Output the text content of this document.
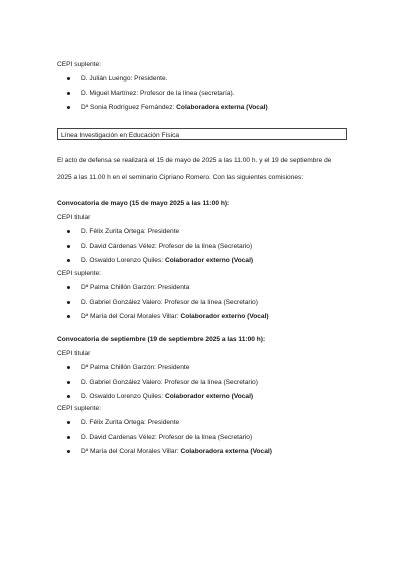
CEPI suplente:
D. Julián Luengo: Presidente.
D. Miguel Martínez: Profesor de la línea (secretaría).
Dª Sonia Rodríguez Fernández: Colaboradora externa (Vocal)
Línea Investigación en Educación Física
El acto de defensa se realizará el 15 de mayo de 2025 a las 11.00 h. y el 19 de septiembre de
2025 a las 11.00 h en el seminario Cipriano Romero. Con las siguientes comisiones:
Convocatoria de mayo (15 de mayo 2025 a las 11:00 h):
CEPI titular
D. Félix Zurita Ortega: Presidente
D. David Cárdenas Vélez: Profesor de la línea (Secretario)
D. Oswaldo Lorenzo Quiles: Colaborador externo (Vocal)
CEPI suplente:
Dª Palma Chillón Garzón: Presidenta
D. Gabriel González Valero: Profesor de la línea (Secretario)
Dª María del Coral Morales Villar: Colaborador externo (Vocal)
Convocatoria de septiembre (19 de septiembre 2025 a las 11:00 h):
CEPI titular
Dª Palma Chillón Garzón: Presidente
D. Gabriel González Valero: Profesor de la línea (Secretario)
D. Oswaldo Lorenzo Quiles: Colaborador externo (Vocal)
CEPI suplente:
D. Félix Zurita Ortega: Presidente
D. David Cardenas Vélez: Profesor de la línea (Secretario)
Dª María del Coral Morales Villar: Colaboradora externa (Vocal)
